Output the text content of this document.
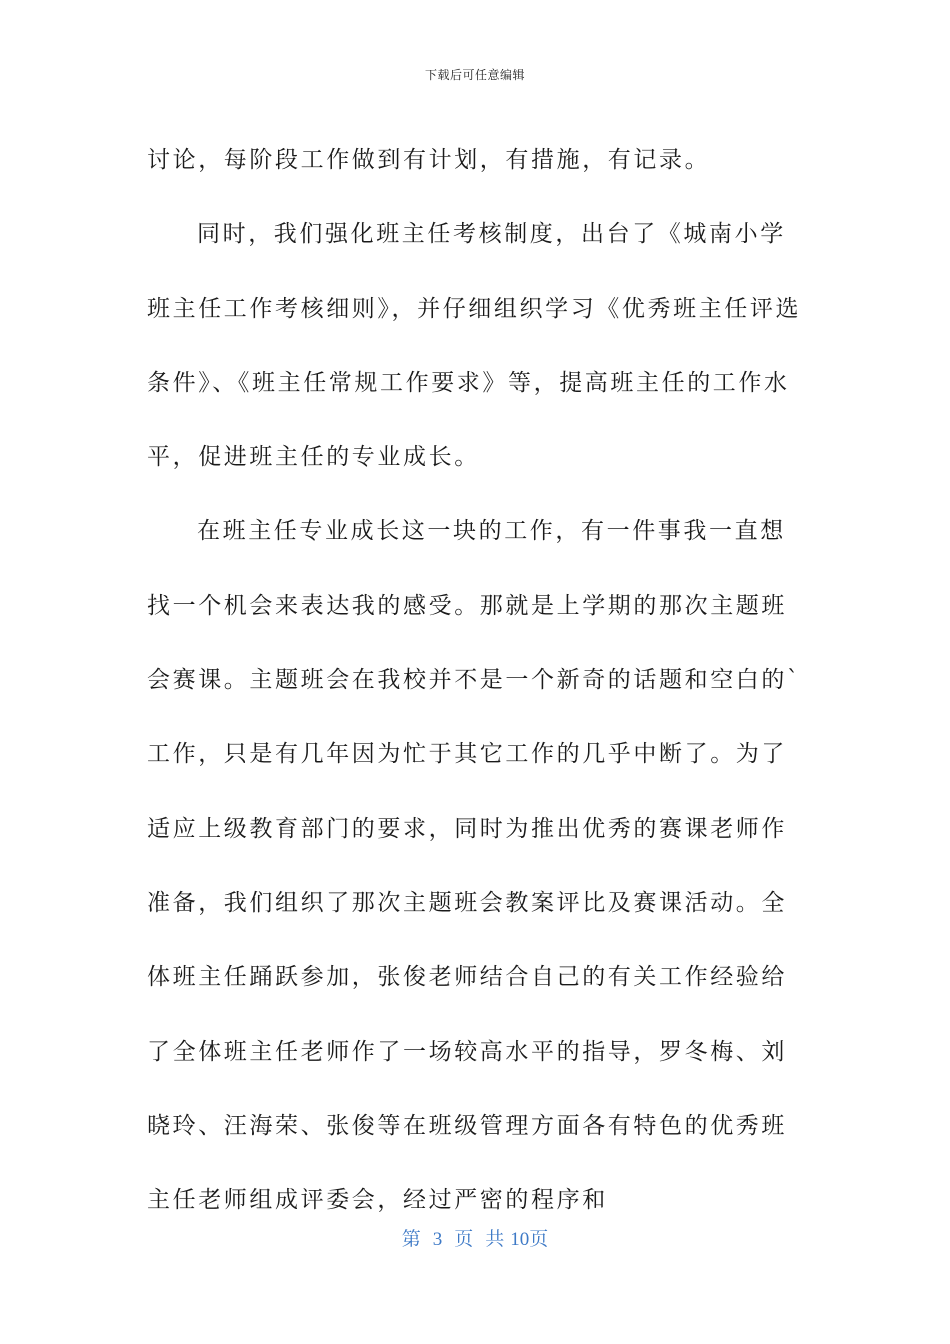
下载后可任意编辑

讨论，每阶段工作做到有计划，有措施，有记录。

同时，我们强化班主任考核制度，出台了《城南小学班主任工作考核细则》，并仔细组织学习《优秀班主任评选条件》、《班主任常规工作要求》等，提高班主任的工作水平，促进班主任的专业成长。

在班主任专业成长这一块的工作，有一件事我一直想找一个机会来表达我的感受。那就是上学期的那次主题班会赛课。主题班会在我校并不是一个新奇的话题和空白的`工作，只是有几年因为忙于其它工作的几乎中断了。为了适应上级教育部门的要求，同时为推出优秀的赛课老师作准备，我们组织了那次主题班会教案评比及赛课活动。全体班主任踊跃参加，张俊老师结合自己的有关工作经验给了全体班主任老师作了一场较高水平的指导，罗冬梅、刘晓玲、汪海荣、张俊等在班级管理方面各有特色的优秀班主任老师组成评委会，经过严密的程序和

第 3 页 共 10页
